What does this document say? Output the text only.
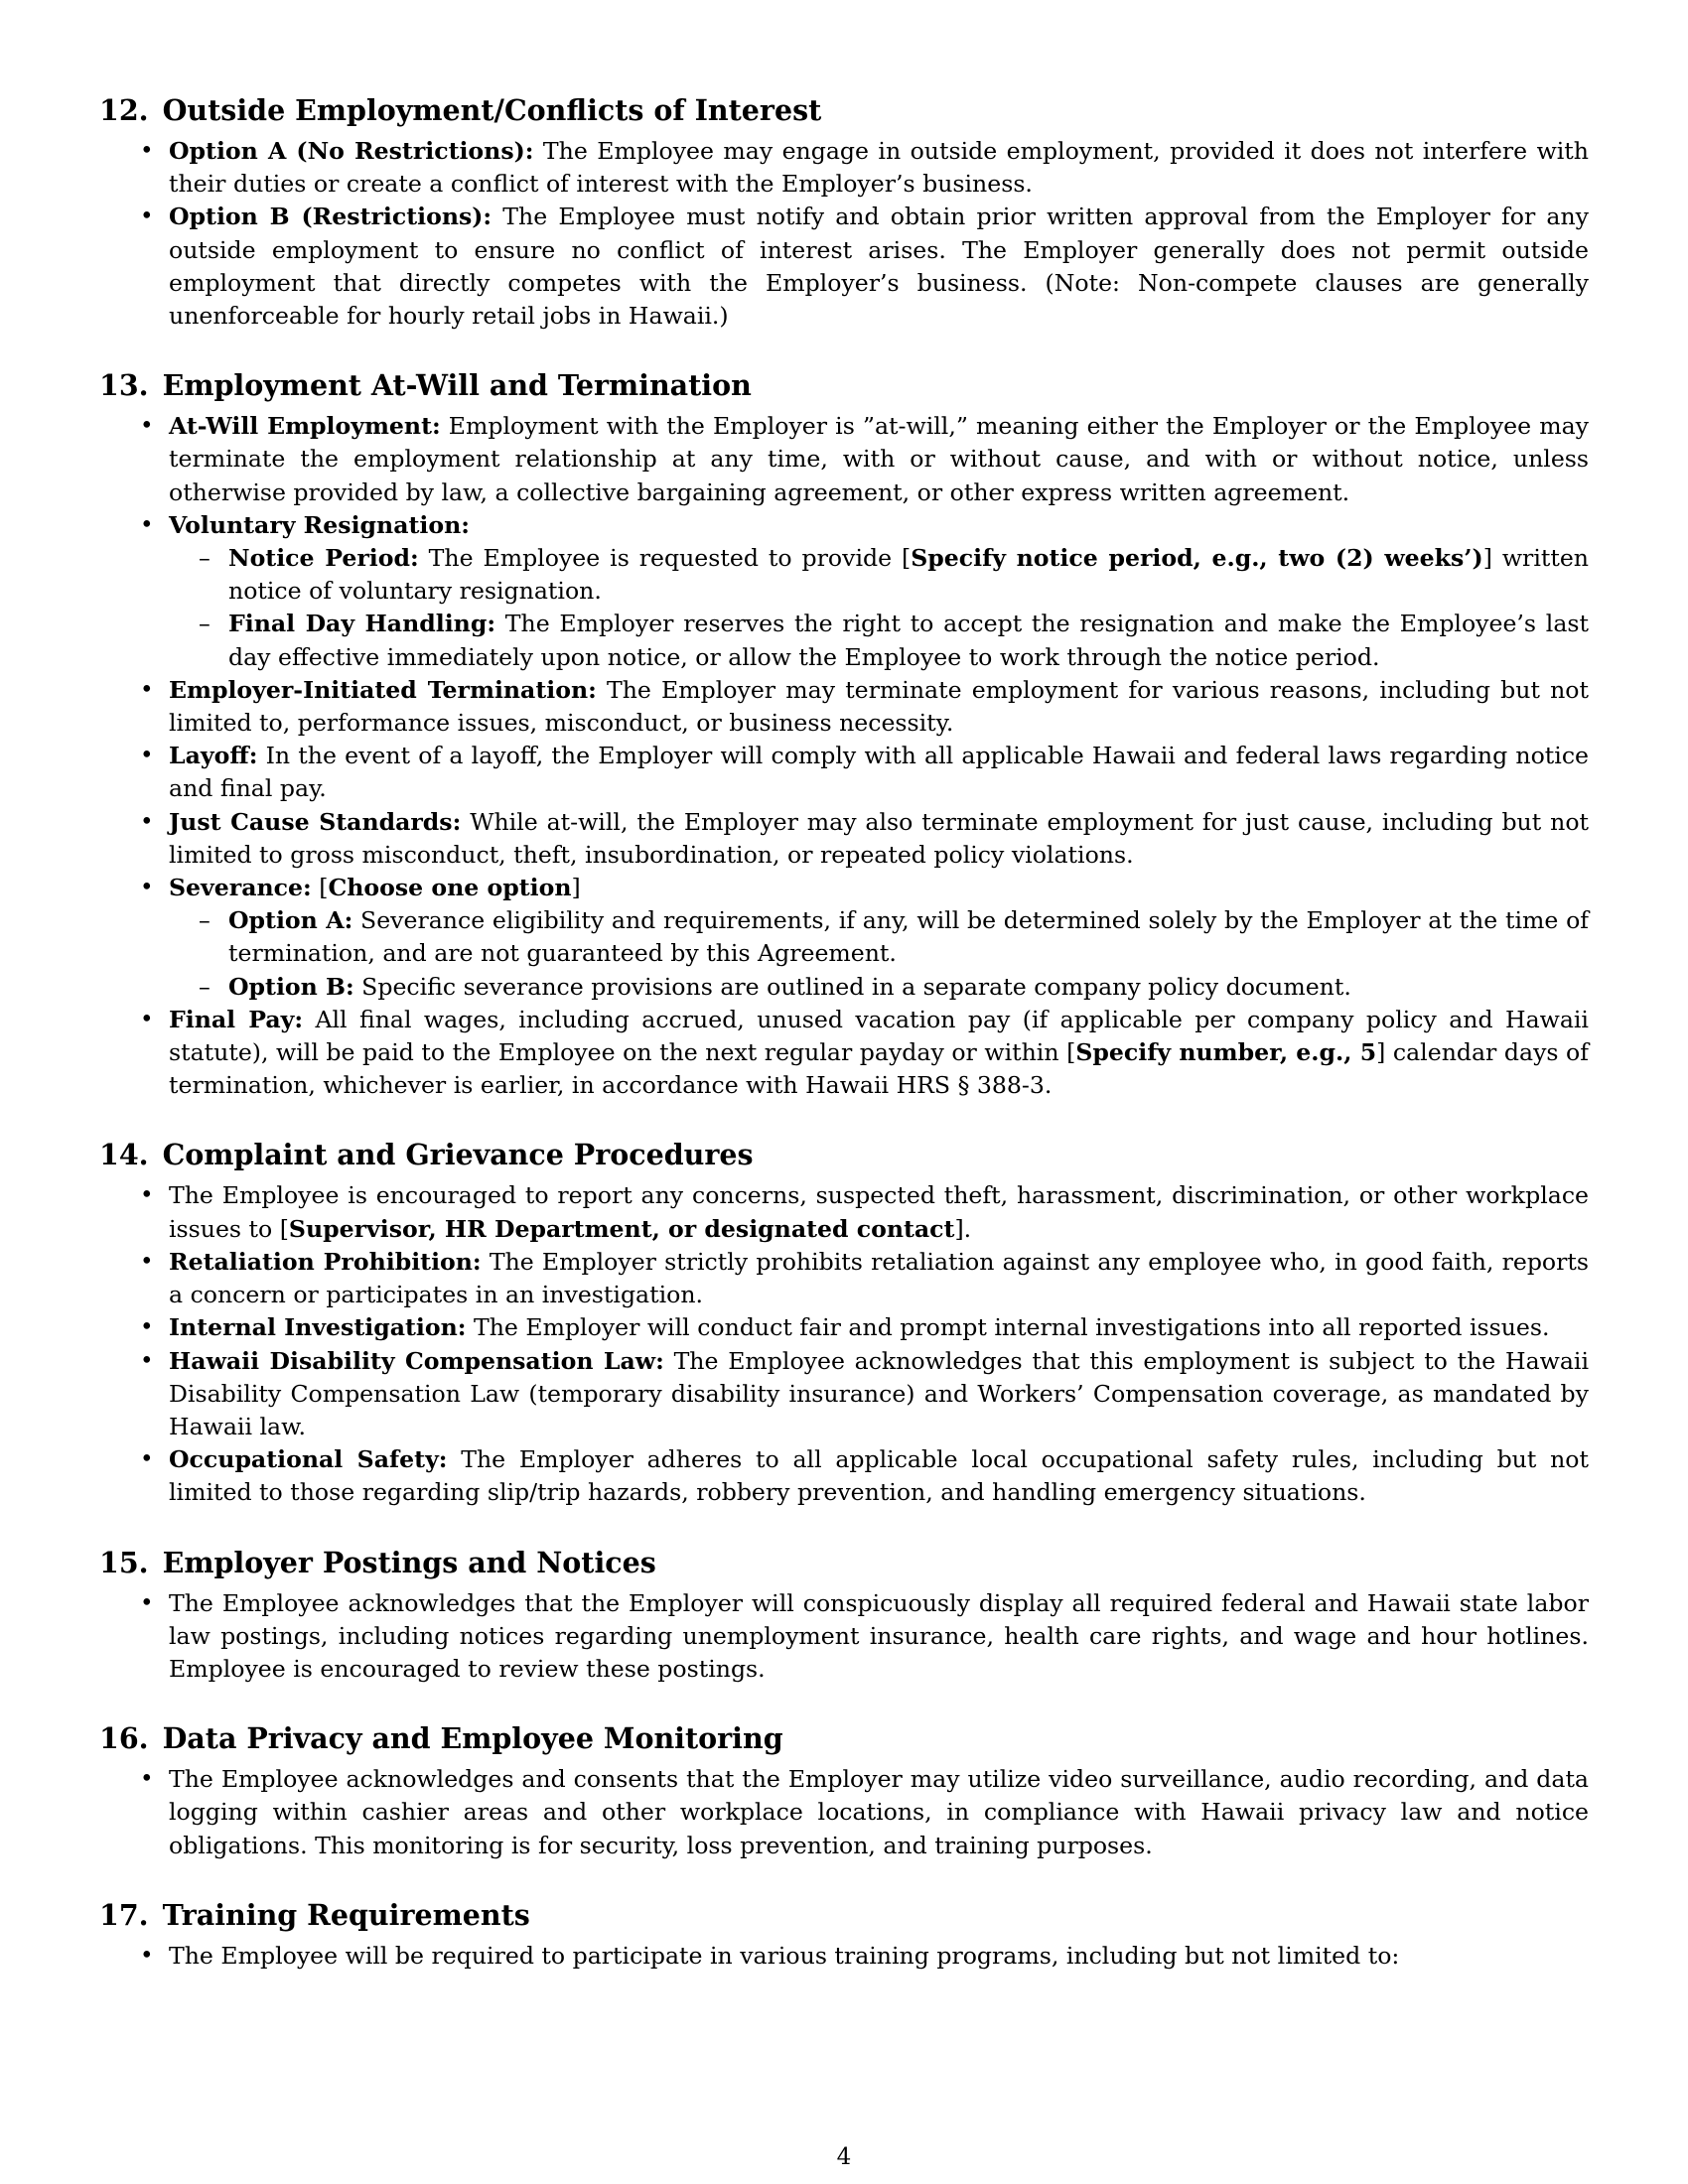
12. Outside Employment/Conflicts of Interest
• Option A (No Restrictions): The Employee may engage in outside employment, provided it does not interfere with their duties or create a conflict of interest with the Employer’s business.
• Option B (Restrictions): The Employee must notify and obtain prior written approval from the Employer for any outside employment to ensure no conflict of interest arises. The Employer generally does not permit outside employment that directly competes with the Employer’s business. (Note: Non-compete clauses are generally unenforceable for hourly retail jobs in Hawaii.)
13. Employment At-Will and Termination
• At-Will Employment: Employment with the Employer is ”at-will,” meaning either the Employer or the Employee may terminate the employment relationship at any time, with or without cause, and with or without notice, unless otherwise provided by law, a collective bargaining agreement, or other express written agreement.
• Voluntary Resignation:
– Notice Period: The Employee is requested to provide [Specify notice period, e.g., two (2) weeks’)] written notice of voluntary resignation.
– Final Day Handling: The Employer reserves the right to accept the resignation and make the Employee’s last day effective immediately upon notice, or allow the Employee to work through the notice period.
• Employer-Initiated Termination: The Employer may terminate employment for various reasons, including but not limited to, performance issues, misconduct, or business necessity.
• Layoff: In the event of a layoff, the Employer will comply with all applicable Hawaii and federal laws regarding notice and final pay.
• Just Cause Standards: While at-will, the Employer may also terminate employment for just cause, including but not limited to gross misconduct, theft, insubordination, or repeated policy violations.
• Severance: [Choose one option]
– Option A: Severance eligibility and requirements, if any, will be determined solely by the Employer at the time of termination, and are not guaranteed by this Agreement.
– Option B: Specific severance provisions are outlined in a separate company policy document.
• Final Pay: All final wages, including accrued, unused vacation pay (if applicable per company policy and Hawaii statute), will be paid to the Employee on the next regular payday or within [Specify number, e.g., 5] calendar days of termination, whichever is earlier, in accordance with Hawaii HRS § 388-3.
14. Complaint and Grievance Procedures
• The Employee is encouraged to report any concerns, suspected theft, harassment, discrimination, or other workplace issues to [Supervisor, HR Department, or designated contact].
• Retaliation Prohibition: The Employer strictly prohibits retaliation against any employee who, in good faith, reports a concern or participates in an investigation.
• Internal Investigation: The Employer will conduct fair and prompt internal investigations into all reported issues.
• Hawaii Disability Compensation Law: The Employee acknowledges that this employment is subject to the Hawaii Disability Compensation Law (temporary disability insurance) and Workers’ Compensation coverage, as mandated by Hawaii law.
• Occupational Safety: The Employer adheres to all applicable local occupational safety rules, including but not limited to those regarding slip/trip hazards, robbery prevention, and handling emergency situations.
15. Employer Postings and Notices
• The Employee acknowledges that the Employer will conspicuously display all required federal and Hawaii state labor law postings, including notices regarding unemployment insurance, health care rights, and wage and hour hotlines. Employee is encouraged to review these postings.
16. Data Privacy and Employee Monitoring
• The Employee acknowledges and consents that the Employer may utilize video surveillance, audio recording, and data logging within cashier areas and other workplace locations, in compliance with Hawaii privacy law and notice obligations. This monitoring is for security, loss prevention, and training purposes.
17. Training Requirements
• The Employee will be required to participate in various training programs, including but not limited to:
4
